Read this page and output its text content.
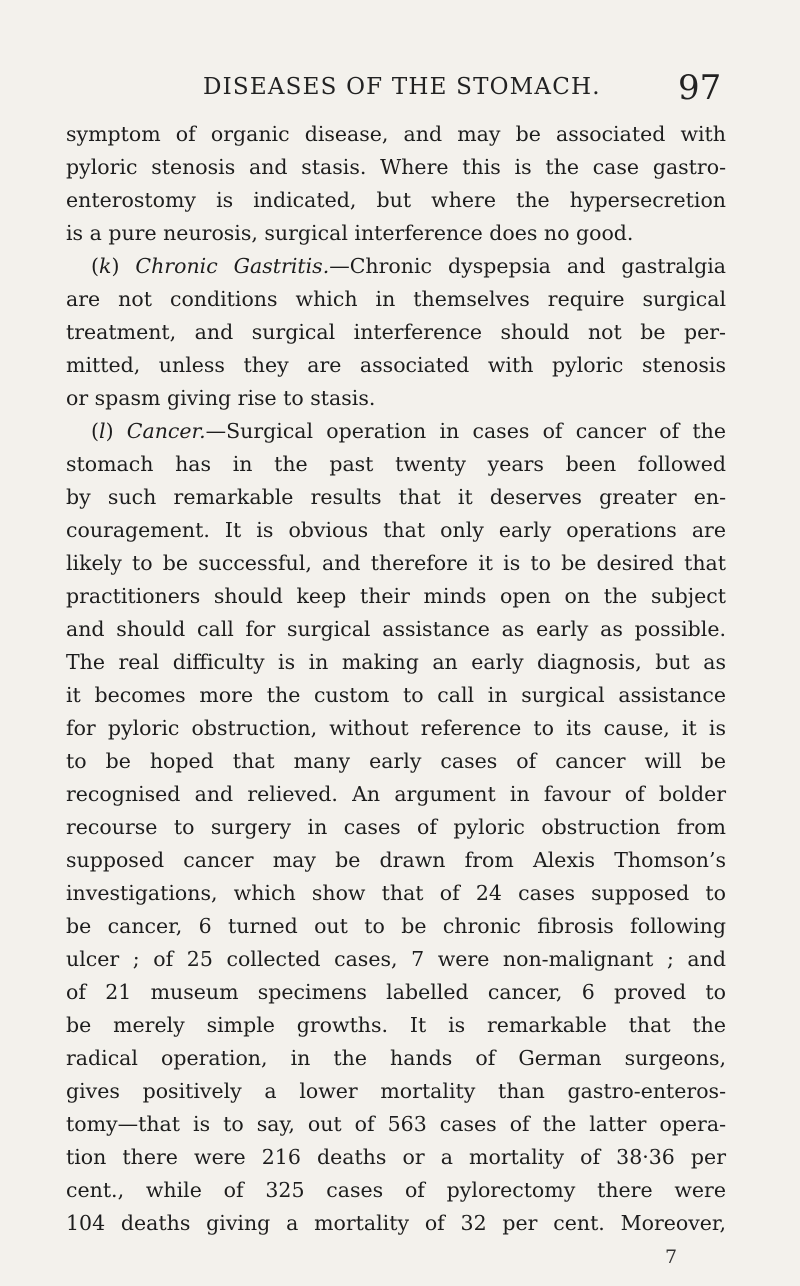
DISEASES OF THE STOMACH. 97
symptom of organic disease, and may be associated with
pyloric stenosis and stasis. Where this is the case gastro-
enterostomy is indicated, but where the hypersecretion
is a pure neurosis, surgical interference does no good.
(k) Chronic Gastritis.—Chronic dyspepsia and gastralgia
are not conditions which in themselves require surgical
treatment, and surgical interference should not be per-
mitted, unless they are associated with pyloric stenosis
or spasm giving rise to stasis.
(l) Cancer.—Surgical operation in cases of cancer of the
stomach has in the past twenty years been followed
by such remarkable results that it deserves greater en-
couragement. It is obvious that only early operations are
likely to be successful, and therefore it is to be desired that
practitioners should keep their minds open on the subject
and should call for surgical assistance as early as possible.
The real difficulty is in making an early diagnosis, but as
it becomes more the custom to call in surgical assistance
for pyloric obstruction, without reference to its cause, it is
to be hoped that many early cases of cancer will be
recognised and relieved. An argument in favour of bolder
recourse to surgery in cases of pyloric obstruction from
supposed cancer may be drawn from Alexis Thomson’s
investigations, which show that of 24 cases supposed to
be cancer, 6 turned out to be chronic fibrosis following
ulcer ; of 25 collected cases, 7 were non-malignant ; and
of 21 museum specimens labelled cancer, 6 proved to
be merely simple growths. It is remarkable that the
radical operation, in the hands of German surgeons,
gives positively a lower mortality than gastro-enteros-
tomy—that is to say, out of 563 cases of the latter opera-
tion there were 216 deaths or a mortality of 38·36 per
cent., while of 325 cases of pylorectomy there were
104 deaths giving a mortality of 32 per cent. Moreover,
7
